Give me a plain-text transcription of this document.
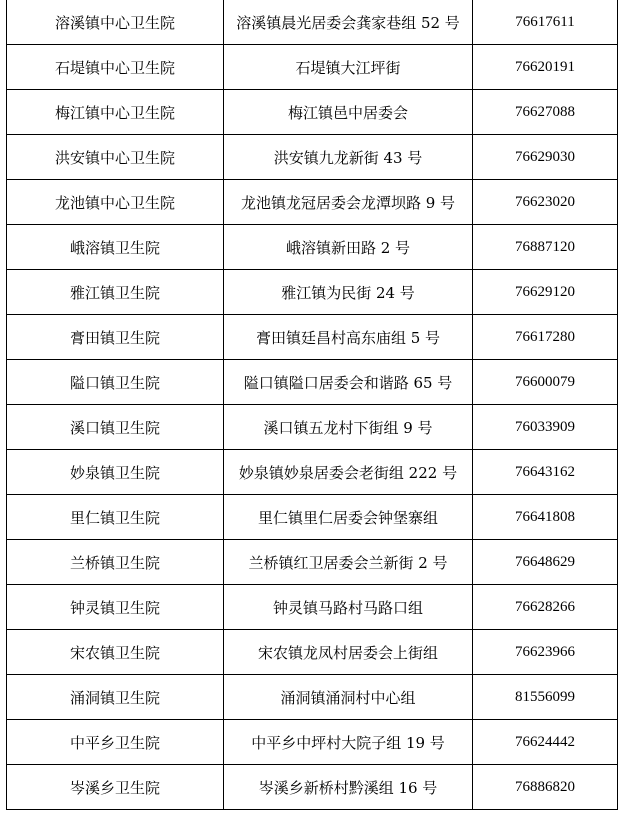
溶溪镇中心卫生院	溶溪镇晨光居委会龚家巷组 52 号	76617611
石堤镇中心卫生院	石堤镇大江坪街	76620191
梅江镇中心卫生院	梅江镇邑中居委会	76627088
洪安镇中心卫生院	洪安镇九龙新街 43 号	76629030
龙池镇中心卫生院	龙池镇龙冠居委会龙潭坝路 9 号	76623020
峨溶镇卫生院	峨溶镇新田路 2 号	76887120
雅江镇卫生院	雅江镇为民街 24 号	76629120
膏田镇卫生院	膏田镇廷昌村高东庙组 5 号	76617280
隘口镇卫生院	隘口镇隘口居委会和谐路 65 号	76600079
溪口镇卫生院	溪口镇五龙村下街组 9 号	76033909
妙泉镇卫生院	妙泉镇妙泉居委会老街组 222 号	76643162
里仁镇卫生院	里仁镇里仁居委会钟堡寨组	76641808
兰桥镇卫生院	兰桥镇红卫居委会兰新街 2 号	76648629
钟灵镇卫生院	钟灵镇马路村马路口组	76628266
宋农镇卫生院	宋农镇龙凤村居委会上街组	76623966
涌洞镇卫生院	涌洞镇涌洞村中心组	81556099
中平乡卫生院	中平乡中坪村大院子组 19 号	76624442
岑溪乡卫生院	岑溪乡新桥村黔溪组 16 号	76886820
